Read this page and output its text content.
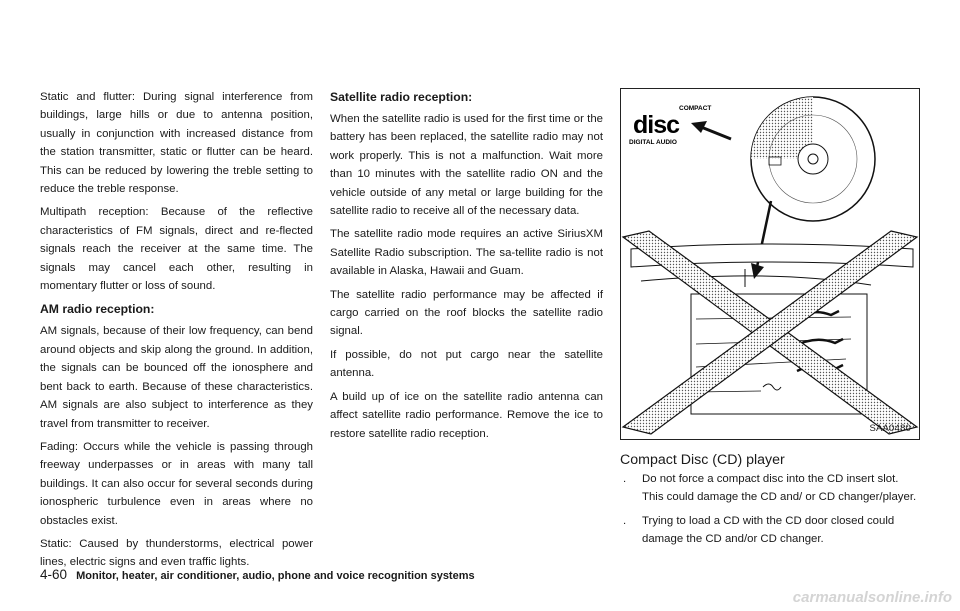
Static and flutter: During signal interference from buildings, large hills or due to antenna position, usually in conjunction with increased distance from the station transmitter, static or flutter can be heard. This can be reduced by lowering the treble setting to reduce the treble response.

Multipath reception: Because of the reflective characteristics of FM signals, direct and re-flected signals reach the receiver at the same time. The signals may cancel each other, resulting in momentary flutter or loss of sound.

AM radio reception:

AM signals, because of their low frequency, can bend around objects and skip along the ground. In addition, the signals can be bounced off the ionosphere and bent back to earth. Because of these characteristics. AM signals are also subject to interference as they travel from transmitter to receiver.

Fading: Occurs while the vehicle is passing through freeway underpasses or in areas with many tall buildings. It can also occur for several seconds during ionospheric turbulence even in areas where no obstacles exist.

Static: Caused by thunderstorms, electrical power lines, electric signs and even traffic lights.

Satellite radio reception:

When the satellite radio is used for the first time or the battery has been replaced, the satellite radio may not work properly. This is not a malfunction. Wait more than 10 minutes with the satellite radio ON and the vehicle outside of any metal or large building for the satellite radio to receive all of the necessary data.

The satellite radio mode requires an active SiriusXM Satellite Radio subscription. The sa-tellite radio is not available in Alaska, Hawaii and Guam.

The satellite radio performance may be affected if cargo carried on the roof blocks the satellite radio signal.

If possible, do not put cargo near the satellite antenna.

A build up of ice on the satellite radio antenna can affect satellite radio performance. Remove the ice to restore satellite radio reception.

COMPACT
disc
DIGITAL AUDIO
SAA0480
Compact Disc (CD) player
. Do not force a compact disc into the CD insert slot. This could damage the CD and/ or CD changer/player.
. Trying to load a CD with the CD door closed could damage the CD and/or CD changer.
4-60 Monitor, heater, air conditioner, audio, phone and voice recognition systems
carmanualsonline.info
